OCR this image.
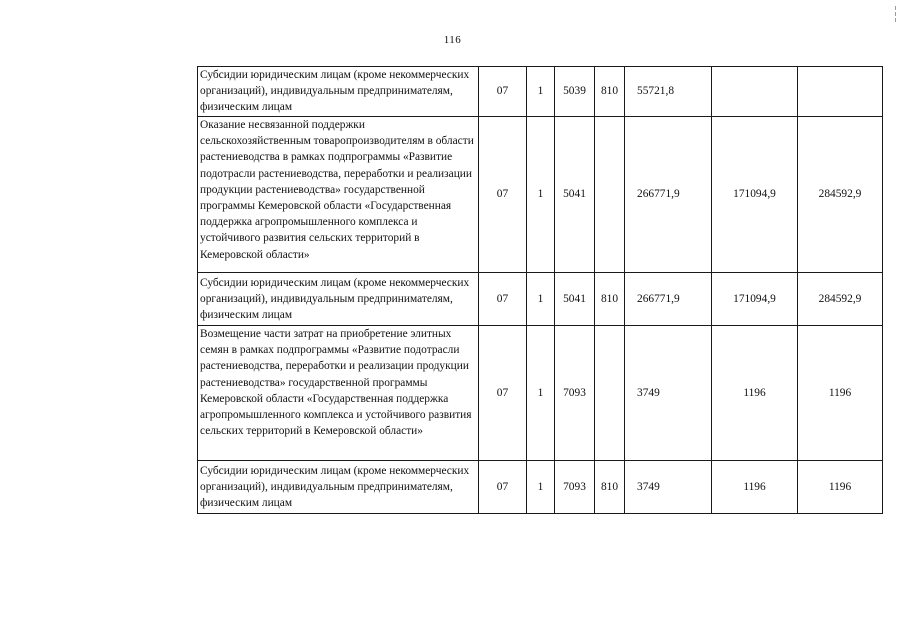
116
Субсидии юридическим лицам (кроме некоммерческих организаций), индивидуальным предпринимателям, физическим лицам	07	1	5039	810	55721,8		
Оказание несвязанной поддержки сельскохозяйственным товаропроизводителям в области растениеводства в рамках подпрограммы «Развитие подотрасли растениеводства, переработки и реализации продукции растениеводства» государственной программы Кемеровской области «Государственная поддержка агропромышленного комплекса и устойчивого развития сельских территорий в Кемеровской области»	07	1	5041		266771,9	171094,9	284592,9
Субсидии юридическим лицам (кроме некоммерческих организаций), индивидуальным предпринимателям, физическим лицам	07	1	5041	810	266771,9	171094,9	284592,9
Возмещение части затрат на приобретение элитных семян в рамках подпрограммы «Развитие подотрасли растениеводства, переработки и реализации продукции растениеводства» государственной программы Кемеровской области «Государственная поддержка агропромышленного комплекса и устойчивого развития сельских территорий в Кемеровской области»	07	1	7093		3749	1196	1196
Субсидии юридическим лицам (кроме некоммерческих организаций), индивидуальным предпринимателям, физическим лицам	07	1	7093	810	3749	1196	1196
